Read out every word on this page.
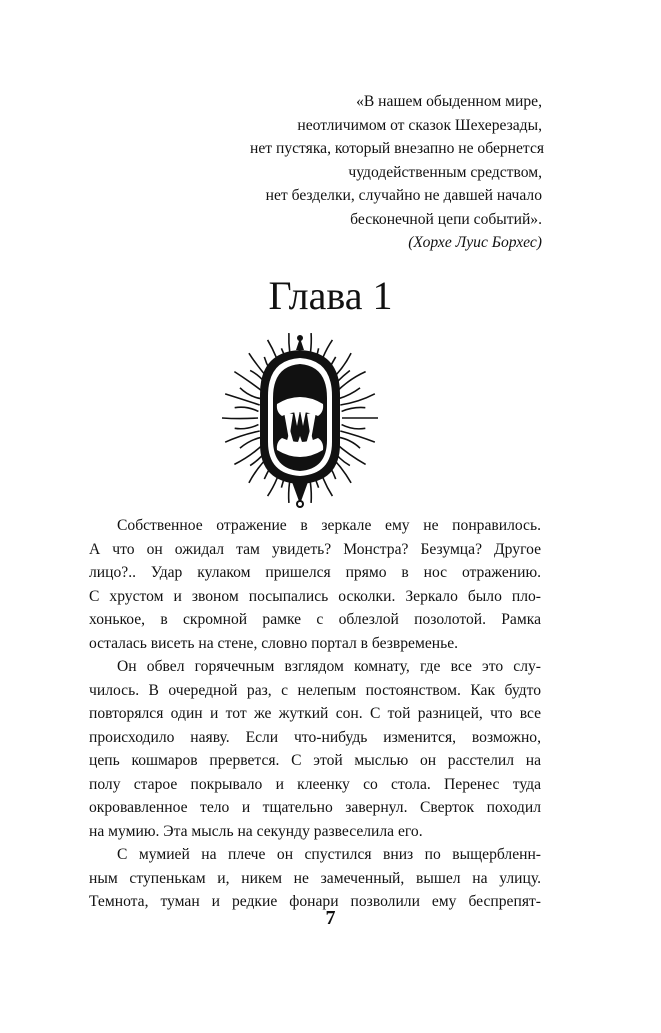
«В нашем обыденном мире,
неотличимом от сказок Шехерезады,
нет пустяка, который внезапно не обернется
чудодейственным средством,
нет безделки, случайно не давшей начало
бесконечной цепи событий».
(Хорхе Луис Борхес)
Глава 1
Собственное отражение в зеркале ему не понравилось.
А что он ожидал там увидеть? Монстра? Безумца? Другое
лицо?.. Удар кулаком пришелся прямо в нос отражению.
С хрустом и звоном посыпались осколки. Зеркало было пло-
хонькое, в скромной рамке с облезлой позолотой. Рамка
осталась висеть на стене, словно портал в безвременье.
Он обвел горячечным взглядом комнату, где все это слу-
чилось. В очередной раз, с нелепым постоянством. Как будто
повторялся один и тот же жуткий сон. С той разницей, что все
происходило наяву. Если что-нибудь изменится, возможно,
цепь кошмаров прервется. С этой мыслью он расстелил на
полу старое покрывало и клеенку со стола. Перенес туда
окровавленное тело и тщательно завернул. Сверток походил
на мумию. Эта мысль на секунду развеселила его.
С мумией на плече он спустился вниз по выщербленн-
ным ступенькам и, никем не замеченный, вышел на улицу.
Темнота, туман и редкие фонари позволили ему беспрепят-
7
